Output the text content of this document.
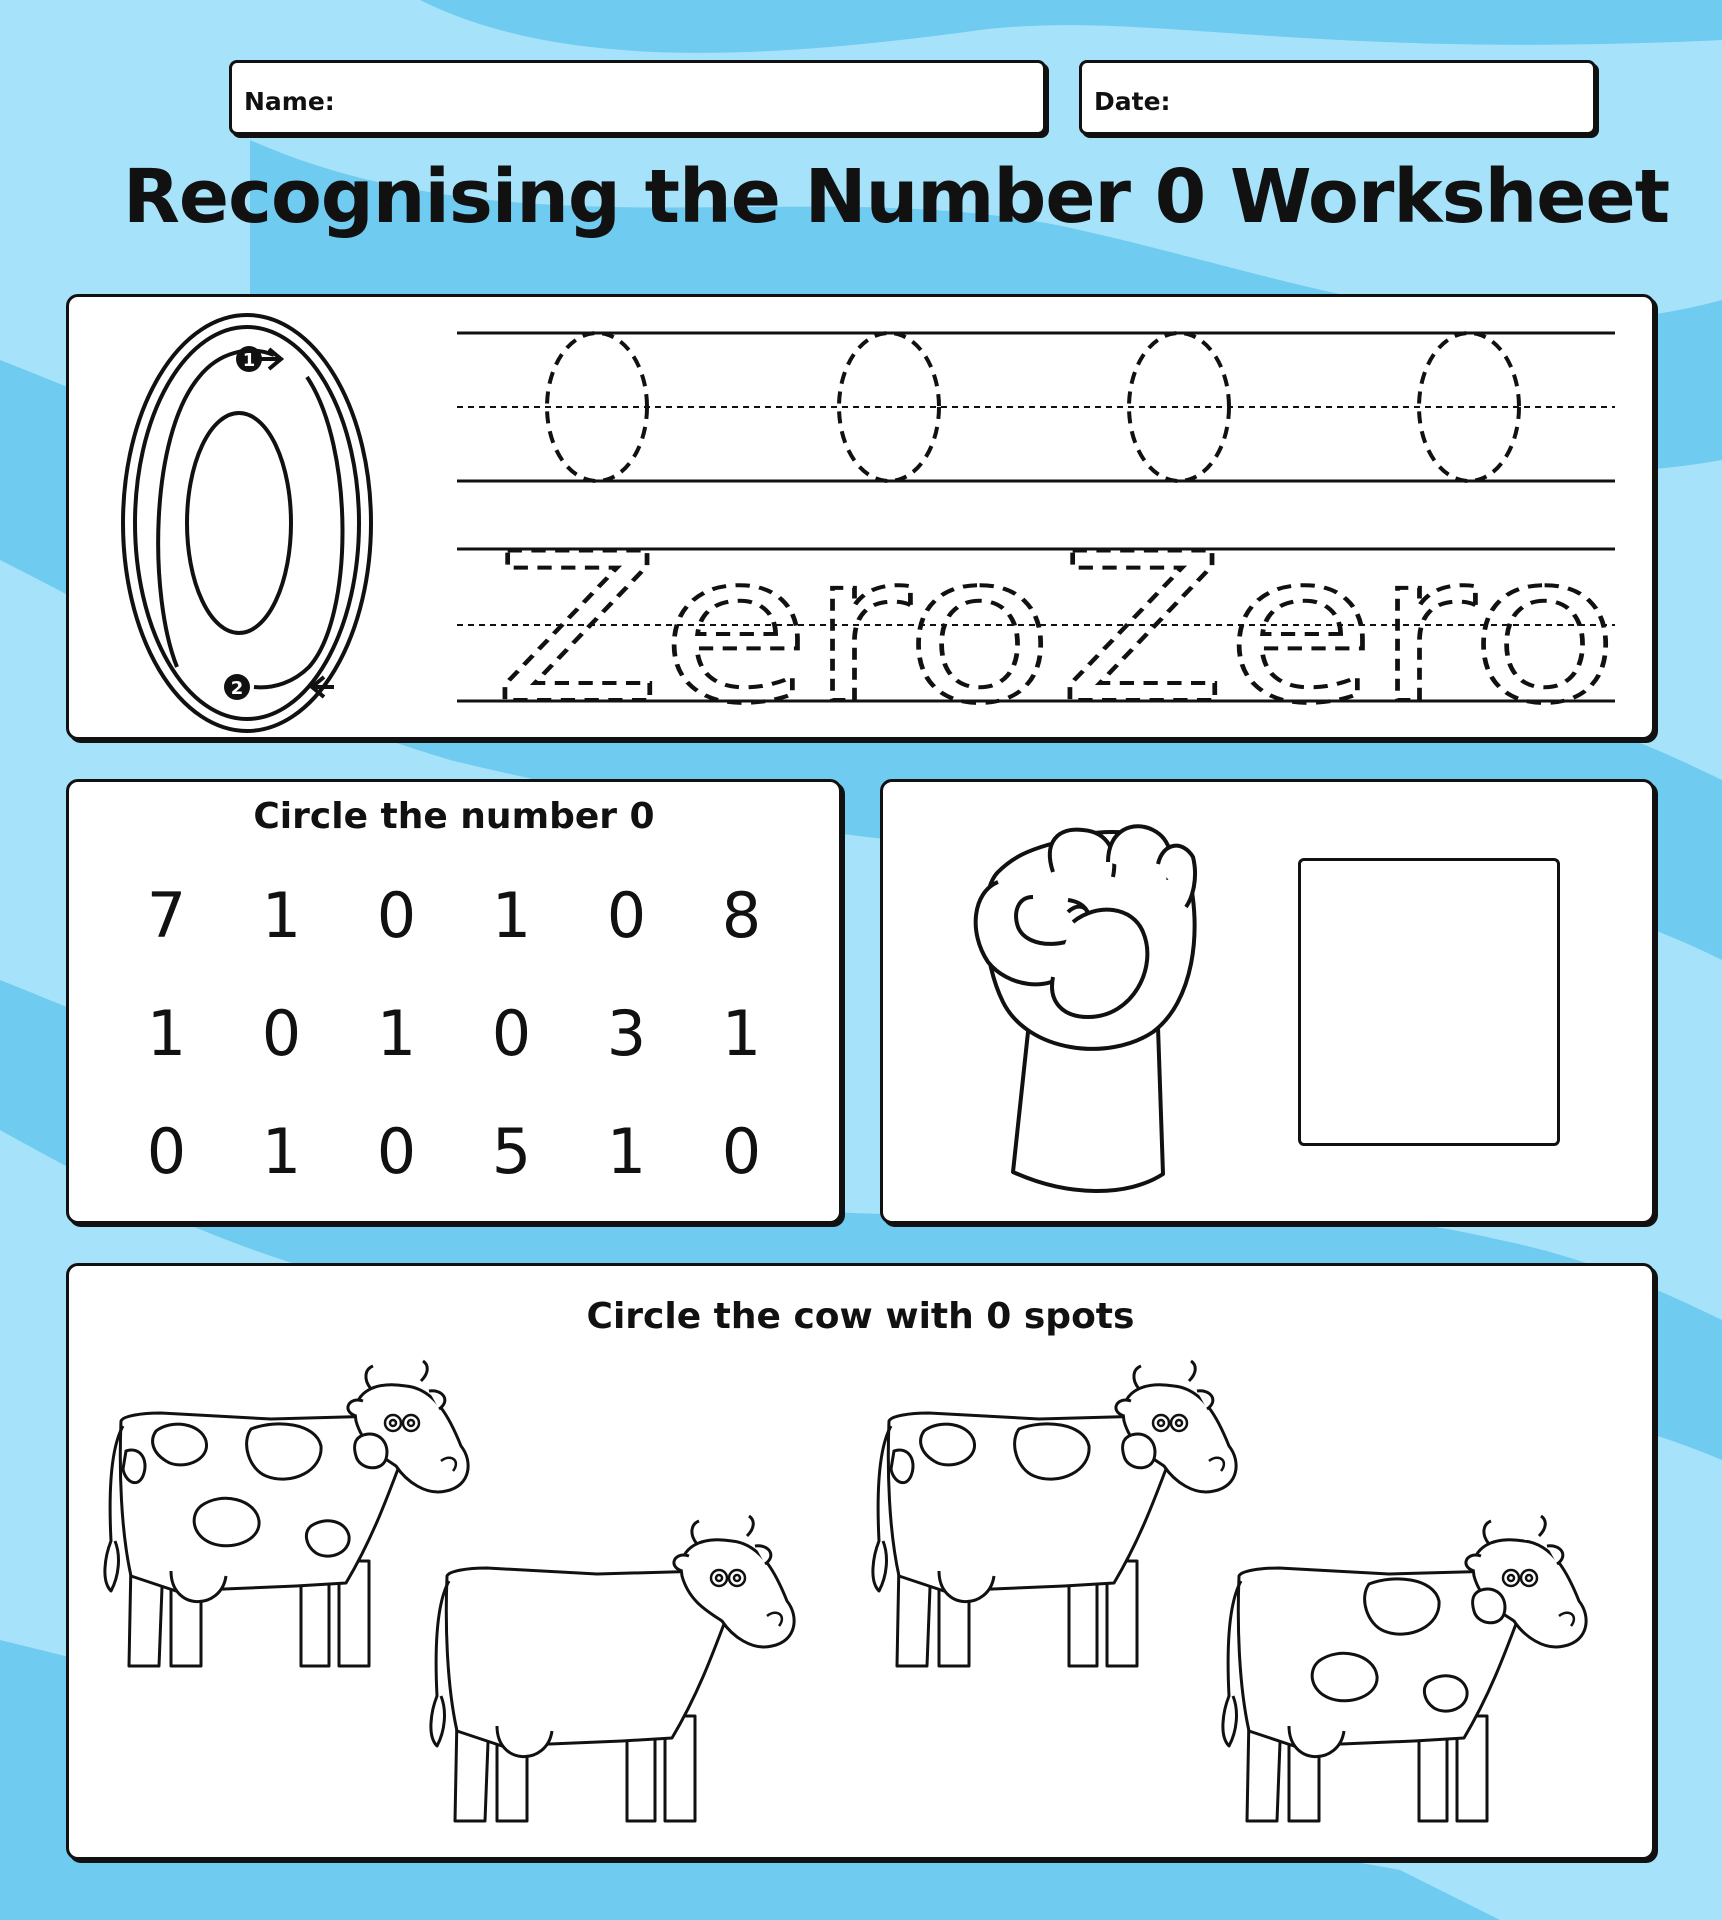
Name:	Date:
Recognising the Number 0 Worksheet
1
2 Zero Zero
Circle the number 0
7	1	0	1	0	8
1	0	1	0	3	1
0	1	0	5	1	0
Circle the cow with 0 spots
